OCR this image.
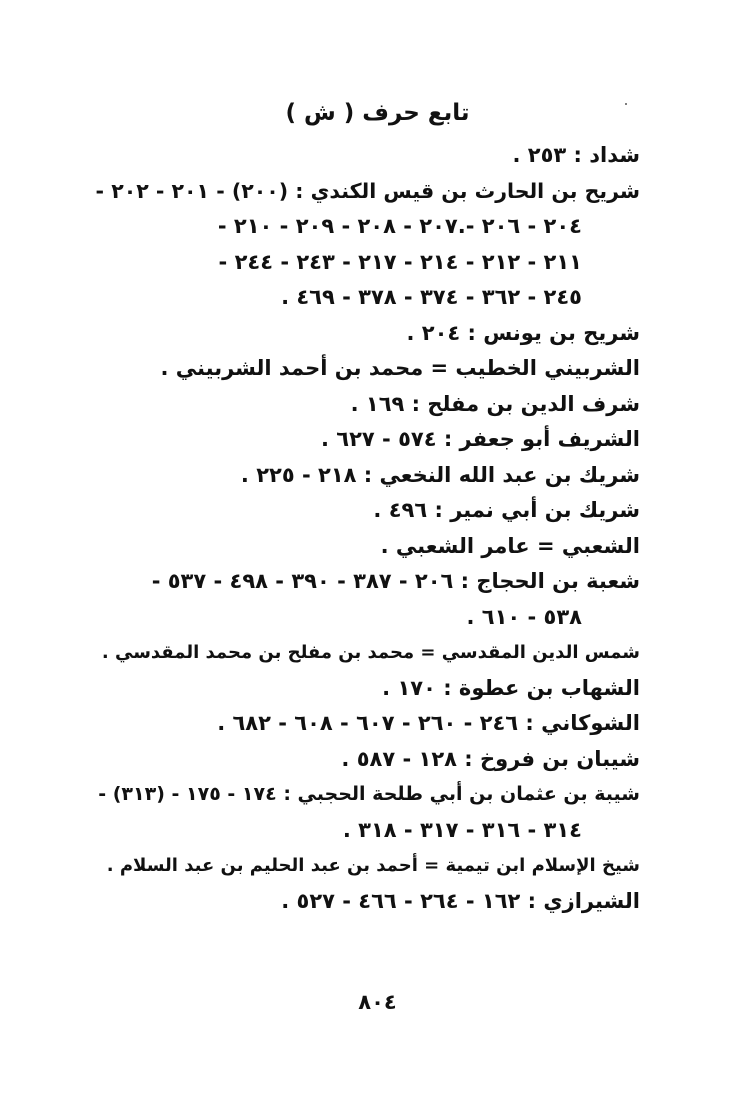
تابع حرف ( ش )
شداد : ٢٥٣ .
شريح بن الحارث بن قيس الكندي : (٢٠٠) - ٢٠١ - ٢٠٢ -
٢٠٤ - ٢٠٦ -.٢٠٧ - ٢٠٨ - ٢٠٩ - ٢١٠ -
٢١١ - ٢١٢ - ٢١٤ - ٢١٧ - ٢٤٣ - ٢٤٤ -
٢٤٥ - ٣٦٢ - ٣٧٤ - ٣٧٨ - ٤٦٩ .
شريح بن يونس : ٢٠٤ .
الشربيني الخطيب = محمد بن أحمد الشربيني .
شرف الدين بن مفلح : ١٦٩ .
الشريف أبو جعفر : ٥٧٤ - ٦٢٧ .
شريك بن عبد الله النخعي : ٢١٨ - ٢٢٥ .
شريك بن أبي نمير : ٤٩٦ .
الشعبي = عامر الشعبي .
شعبة بن الحجاج : ٢٠٦ - ٣٨٧ - ٣٩٠ - ٤٩٨ - ٥٣٧ -
٥٣٨ - ٦١٠ .
شمس الدين المقدسي = محمد بن مفلح بن محمد المقدسي .
الشهاب بن عطوة : ١٧٠ .
الشوكاني : ٢٤٦ - ٢٦٠ - ٦٠٧ - ٦٠٨ - ٦٨٢ .
شيبان بن فروخ : ١٢٨ - ٥٨٧ .
شيبة بن عثمان بن أبي طلحة الحجبي : ١٧٤ - ١٧٥ - (٣١٣) -
٣١٤ - ٣١٦ - ٣١٧ - ٣١٨ .
شيخ الإسلام ابن تيمية = أحمد بن عبد الحليم بن عبد السلام .
الشيرازي : ١٦٢ - ٢٦٤ - ٤٦٦ - ٥٢٧ .
٨٠٤
